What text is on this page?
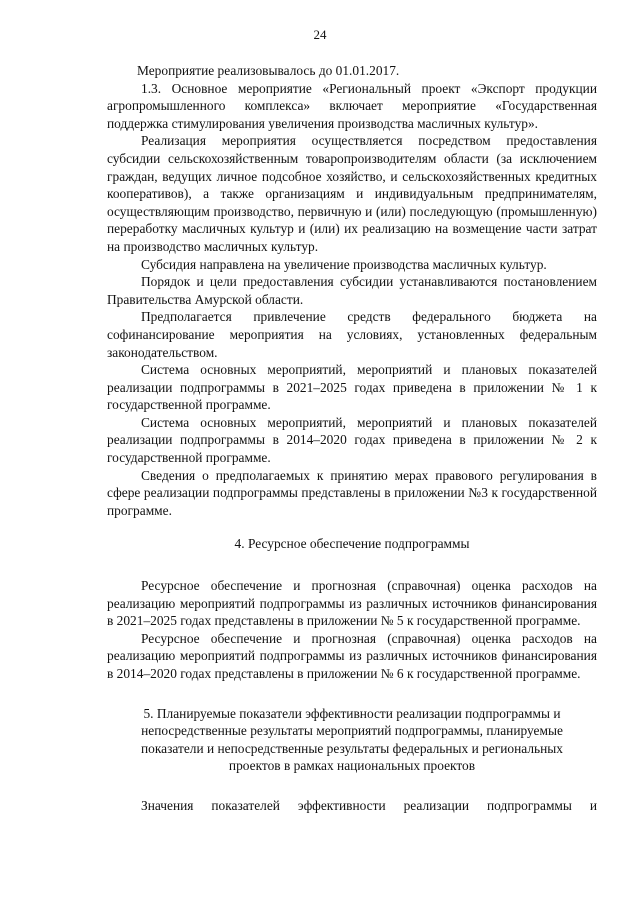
24

Мероприятие реализовывалось до 01.01.2017.

1.3. Основное мероприятие «Региональный проект «Экспорт продукции агропромышленного комплекса» включает мероприятие «Государственная поддержка стимулирования увеличения производства масличных культур».

Реализация мероприятия осуществляется посредством предоставления субсидии сельскохозяйственным товаропроизводителям области (за исключением граждан, ведущих личное подсобное хозяйство, и сельскохозяйственных кредитных кооперативов), а также организациям и индивидуальным предпринимателям, осуществляющим производство, первичную и (или) последующую (промышленную) переработку масличных культур и (или) их реализацию на возмещение части затрат на производство масличных культур.

Субсидия направлена на увеличение производства масличных культур.

Порядок и цели предоставления субсидии устанавливаются постановлением Правительства Амурской области.

Предполагается привлечение средств федерального бюджета на софинансирование мероприятия на условиях, установленных федеральным законодательством.

Система основных мероприятий, мероприятий и плановых показателей реализации подпрограммы в 2021–2025 годах приведена в приложении № 1 к государственной программе.

Система основных мероприятий, мероприятий и плановых показателей реализации подпрограммы в 2014–2020 годах приведена в приложении № 2 к государственной программе.

Сведения о предполагаемых к принятию мерах правового регулирования в сфере реализации подпрограммы представлены в приложении №3 к государственной программе.

4. Ресурсное обеспечение подпрограммы

Ресурсное обеспечение и прогнозная (справочная) оценка расходов на реализацию мероприятий подпрограммы из различных источников финансирования в 2021–2025 годах представлены в приложении № 5 к государственной программе.

Ресурсное обеспечение и прогнозная (справочная) оценка расходов на реализацию мероприятий подпрограммы из различных источников финансирования в 2014–2020 годах представлены в приложении № 6 к государственной программе.

5. Планируемые показатели эффективности реализации подпрограммы и
непосредственные результаты мероприятий подпрограммы, планируемые
показатели и непосредственные результаты федеральных и региональных
проектов в рамках национальных проектов

Значения показателей эффективности реализации подпрограммы и
